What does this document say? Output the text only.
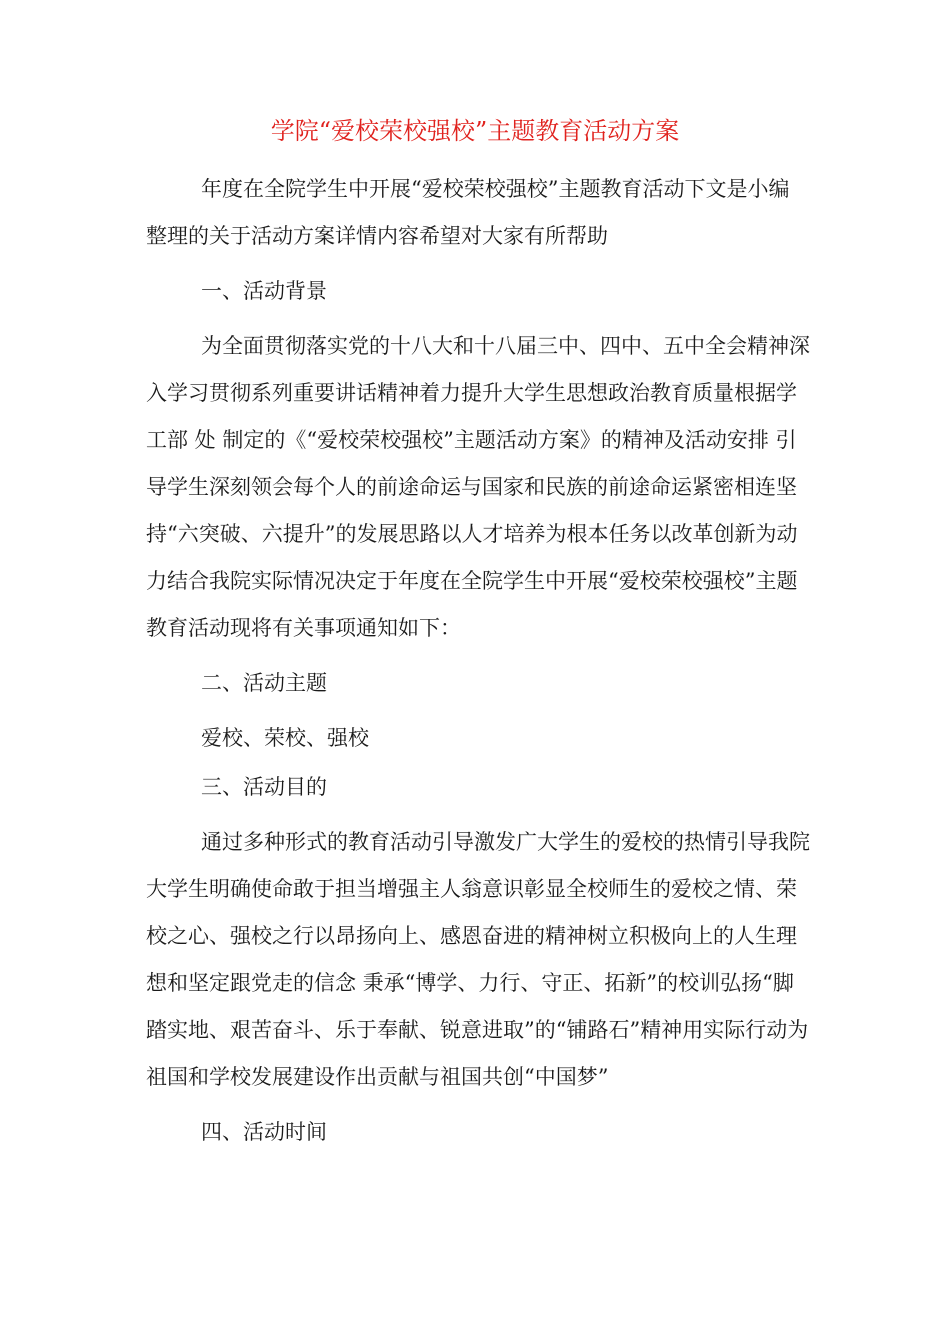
学院“爱校荣校强校”主题教育活动方案

年度在全院学生中开展“爱校荣校强校”主题教育活动下文是小编整理的关于活动方案详情内容希望对大家有所帮助

一、活动背景

为全面贯彻落实党的十八大和十八届三中、四中、五中全会精神深入学习贯彻系列重要讲话精神着力提升大学生思想政治教育质量根据学工部 处 制定的《“爱校荣校强校”主题活动方案》的精神及活动安排 引导学生深刻领会每个人的前途命运与国家和民族的前途命运紧密相连坚持“六突破、六提升”的发展思路以人才培养为根本任务以改革创新为动力结合我院实际情况决定于年度在全院学生中开展“爱校荣校强校”主题教育活动现将有关事项通知如下：

二、活动主题

爱校、荣校、强校

三、活动目的

通过多种形式的教育活动引导激发广大学生的爱校的热情引导我院大学生明确使命敢于担当增强主人翁意识彰显全校师生的爱校之情、荣校之心、强校之行以昂扬向上、感恩奋进的精神树立积极向上的人生理想和坚定跟党走的信念 秉承“博学、力行、守正、拓新”的校训弘扬“脚踏实地、艰苦奋斗、乐于奉献、锐意进取”的“铺路石”精神用实际行动为祖国和学校发展建设作出贡献与祖国共创“中国梦”

四、活动时间
